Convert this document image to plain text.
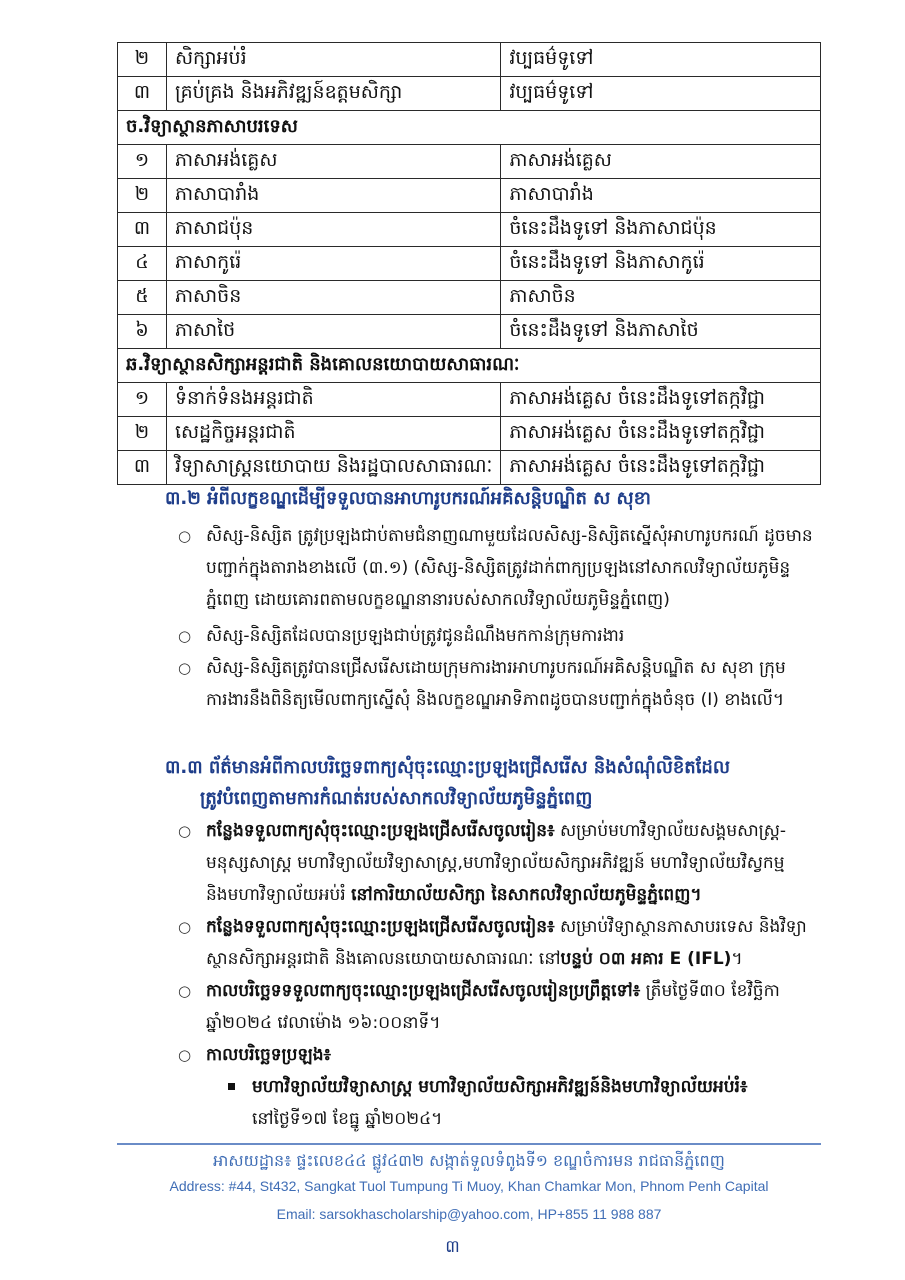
២	សិក្សាអប់រំ	វប្បធម៌ទូទៅ
៣	គ្រប់គ្រង និងអភិវឌ្ឍន៍ឧត្តមសិក្សា	វប្បធម៌ទូទៅ
ច.វិទ្យាស្ថានភាសាបរទេស		
១	ភាសាអង់គ្លេស	ភាសាអង់គ្លេស
២	ភាសាបារាំង	ភាសាបារាំង
៣	ភាសាជប៉ុន	ចំនេះដឹងទូទៅ និងភាសាជប៉ុន
៤	ភាសាកូរ៉េ	ចំនេះដឹងទូទៅ និងភាសាកូរ៉េ
៥	ភាសាចិន	ភាសាចិន
៦	ភាសាថៃ	ចំនេះដឹងទូទៅ និងភាសាថៃ
ឆ.វិទ្យាស្ថានសិក្សាអន្តរជាតិ និងគោលនយោបាយសាធារណៈ		
១	ទំនាក់ទំនងអន្តរជាតិ	ភាសាអង់គ្លេស ចំនេះដឹងទូទៅតក្កវិជ្ជា
២	សេដ្ឋកិច្ចអន្តរជាតិ	ភាសាអង់គ្លេស ចំនេះដឹងទូទៅតក្កវិជ្ជា
៣	វិទ្យាសាស្ត្រនយោបាយ និងរដ្ឋបាលសាធារណៈ	ភាសាអង់គ្លេស ចំនេះដឹងទូទៅតក្កវិជ្ជា
៣.២ អំពីលក្ខខណ្ឌដើម្បីទទួលបានអាហារូបករណ៍អគិសន្តិបណ្ឌិត ស សុខា
○ សិស្ស-និស្សិត ត្រូវប្រឡងជាប់តាមជំនាញណាមួយដែលសិស្ស-និស្សិតស្នើសុំអាហារូបករណ៍ ដូចមានបញ្ជាក់ក្នុងតារាងខាងលើ (៣.១) (សិស្ស-និស្សិតត្រូវដាក់ពាក្យប្រឡងនៅសាកលវិទ្យាល័យភូមិន្ទភ្នំពេញ ដោយគោរពតាមលក្ខខណ្ឌនានារបស់សាកលវិទ្យាល័យភូមិន្ទភ្នំពេញ)
○ សិស្ស-និស្សិតដែលបានប្រឡងជាប់ត្រូវជូនដំណឹងមកកាន់ក្រុមការងារ
○ សិស្ស-និស្សិតត្រូវបានជ្រើសរើសដោយក្រុមការងារអាហារូបករណ៍អគិសន្តិបណ្ឌិត ស សុខា ក្រុមការងារនឹងពិនិត្យមើលពាក្យស្នើសុំ និងលក្ខខណ្ឌអាទិភាពដូចបានបញ្ជាក់ក្នុងចំនុច (I) ខាងលើ។
៣.៣ ព័ត៌មានអំពីកាលបរិច្ឆេទពាក្យសុំចុះឈ្មោះប្រឡងជ្រើសរើស និងសំណុំលិខិតដែល
ត្រូវបំពេញតាមការកំណត់របស់សាកលវិទ្យាល័យភូមិន្ទភ្នំពេញ
○ កន្លែងទទួលពាក្យសុំចុះឈ្មោះប្រឡងជ្រើសរើសចូលរៀន៖ សម្រាប់មហាវិទ្យាល័យសង្គមសាស្ត្រ-មនុស្សសាស្ត្រ មហាវិទ្យាល័យវិទ្យាសាស្ត្រ,មហាវិទ្យាល័យសិក្សាអភិវឌ្ឍន៍ មហាវិទ្យាល័យវិស្វកម្ម និងមហាវិទ្យាល័យអប់រំ នៅការិយាល័យសិក្សា នៃសាកលវិទ្យាល័យភូមិន្ទភ្នំពេញ។
○ កន្លែងទទួលពាក្យសុំចុះឈ្មោះប្រឡងជ្រើសរើសចូលរៀន៖ សម្រាប់វិទ្យាស្ថានភាសាបរទេស និងវិទ្យាស្ថានសិក្សាអន្តរជាតិ និងគោលនយោបាយសាធារណៈ នៅបន្ទប់ ០៣ អគារ E (IFL)។
○ កាលបរិច្ឆេទទទួលពាក្យចុះឈ្មោះប្រឡងជ្រើសរើសចូលរៀនប្រព្រឹត្តទៅ៖ ត្រឹមថ្ងៃទី៣០ ខែវិច្ឆិកា ឆ្នាំ២០២៤ វេលាម៉ោង ១៦:០០នាទី។
○ កាលបរិច្ឆេទប្រឡង៖
មហាវិទ្យាល័យវិទ្យាសាស្ត្រ មហាវិទ្យាល័យសិក្សាអភិវឌ្ឍន៍និងមហាវិទ្យាល័យអប់រំ៖
នៅថ្ងៃទី១៧ ខែធ្នូ ឆ្នាំ២០២៤។
អាសយដ្ឋាន៖ ផ្ទះលេខ៤៤ ផ្លូវ៤៣២ សង្កាត់ទួលទំពូងទី១ ខណ្ឌចំការមន រាជធានីភ្នំពេញ
Address: #44, St432, Sangkat Tuol Tumpung Ti Muoy, Khan Chamkar Mon, Phnom Penh Capital
Email: sarsokhascholarship@yahoo.com, HP+855 11 988 887
៣
